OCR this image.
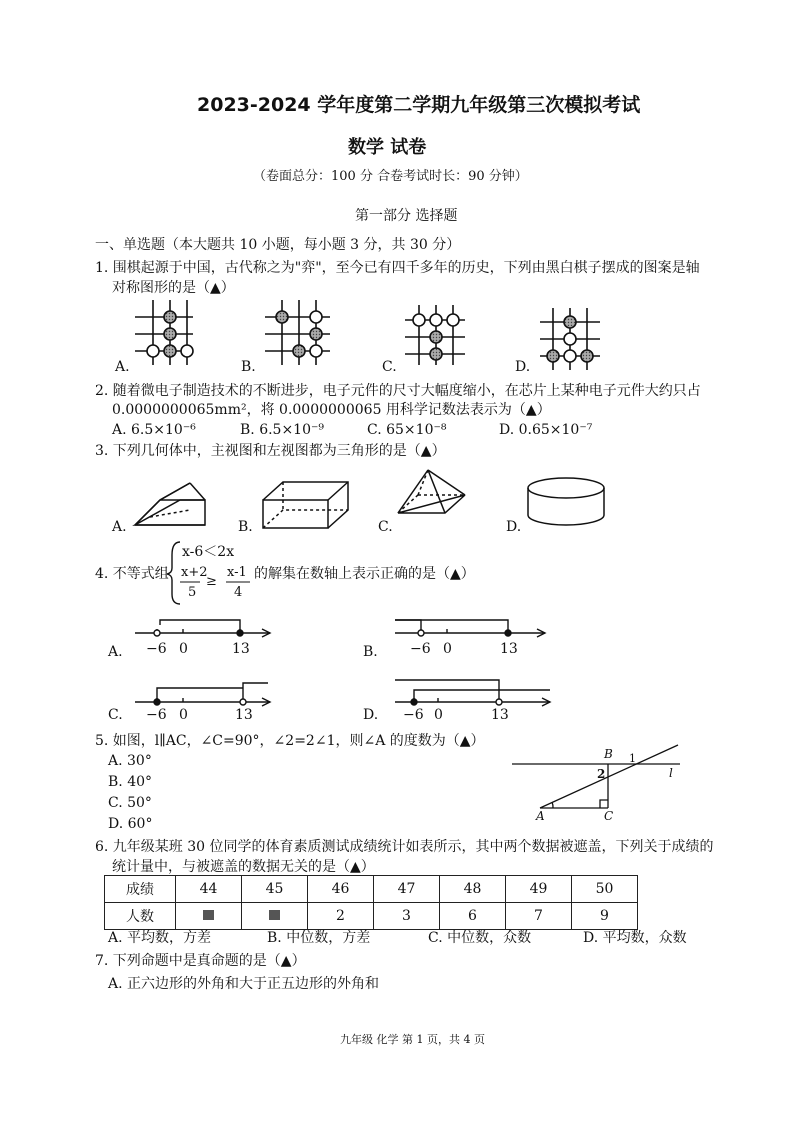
2023-2024 学年度第二学期九年级第三次模拟考试
数学 试卷
（卷面总分：100 分 合卷考试时长：90 分钟）
第一部分 选择题
一、单选题（本大题共 10 小题，每小题 3 分，共 30 分）
1. 围棋起源于中国，古代称之为"弈"，至今已有四千多年的历史，下列由黑白棋子摆成的图案是轴
对称图形的是（▲）
A.	B.	C.	D.
2. 随着微电子制造技术的不断进步，电子元件的尺寸大幅度缩小，在芯片上某种电子元件大约只占
0.0000000065mm²，将 0.0000000065 用科学记数法表示为（▲）
A. 6.5×10⁻⁶	B. 6.5×10⁻⁹	C. 65×10⁻⁸	D. 0.65×10⁻⁷
3. 下列几何体中，主视图和左视图都为三角形的是（▲）
A.	B.	C.	D.
4. 不等式组
x-6＜2x
x+2
5
≥
x-1
4
的解集在数轴上表示正确的是（▲）
A. −6 0	13	B. −6 0	13
C. −6 0	13	D. −6 0	13
5. 如图，l∥AC，∠C=90°，∠2=2∠1，则∠A 的度数为（▲）
A. 30°
B. 40°
C. 50°
D. 60°
B 1
2	l
A	C
6. 九年级某班 30 位同学的体育素质测试成绩统计如表所示，其中两个数据被遮盖，下列关于成绩的
统计量中，与被遮盖的数据无关的是（▲）
成绩	44	45	46	47	48	49	50
人数			2	3	6	7	9
A. 平均数，方差	B. 中位数，方差	C. 中位数，众数	D. 平均数，众数
7. 下列命题中是真命题的是（▲）
A. 正六边形的外角和大于正五边形的外角和
九年级 化学 第 1 页，共 4 页
